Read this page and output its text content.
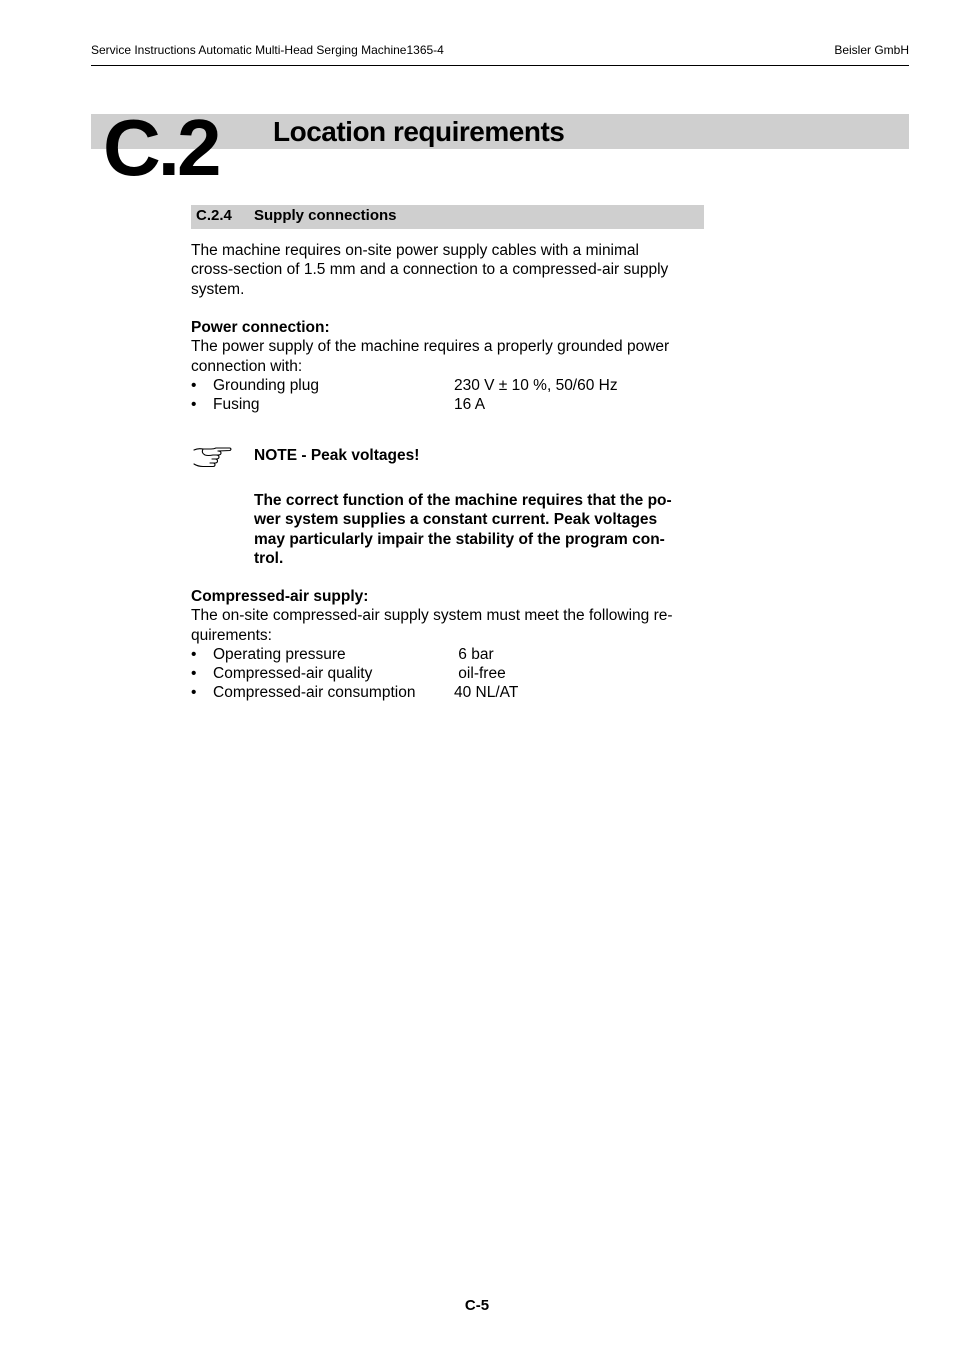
Service Instructions Automatic Multi-Head Serging Machine1365-4	Beisler GmbH
C.2 Location requirements
C.2.4 Supply connections
The machine requires on-site power supply cables with a minimal
cross-section of 1.5 mm and a connection to a compressed-air supply
system.
Power connection:
The power supply of the machine requires a properly grounded power
connection with:
• Grounding plug	230 V ± 10 %, 50/60 Hz
• Fusing	16 A
NOTE - Peak voltages!
The correct function of the machine requires that the po-
wer system supplies a constant current. Peak voltages
may particularly impair the stability of the program con-
trol.
Compressed-air supply:
The on-site compressed-air supply system must meet the following re-
quirements:
• Operating pressure	6 bar
• Compressed-air quality	oil-free
• Compressed-air consumption 40 NL/AT
C-5
